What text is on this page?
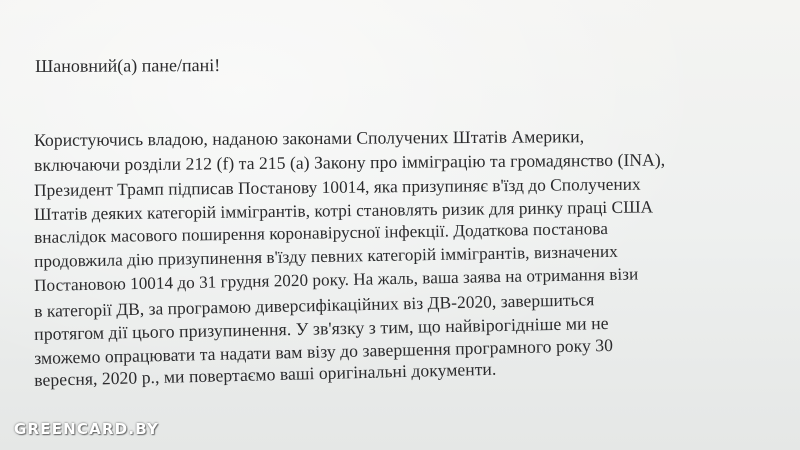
Шановний(а) пане/пані!
Користуючись владою, наданою законами Сполучених Штатів Америки,
включаючи розділи 212 (f) та 215 (a) Закону про імміграцію та громадянство (INA),
Президент Трамп підписав Постанову 10014, яка призупиняє в'їзд до Сполучених
Штатів деяких категорій іммігрантів, котрі становлять ризик для ринку праці США
внаслідок масового поширення коронавірусної інфекції. Додаткова постанова
продовжила дію призупинення в'їзду певних категорій іммігрантів, визначених
Постановою 10014 до 31 грудня 2020 року. На жаль, ваша заява на отримання візи
в категорії ДВ, за програмою диверсифікаційних віз ДВ-2020, завершиться
протягом дії цього призупинення. У зв'язку з тим, що найвірогідніше ми не
зможемо опрацювати та надати вам візу до завершення програмного року 30
вересня, 2020 р., ми повертаємо ваші оригінальні документи.
GREENCARD.BY
